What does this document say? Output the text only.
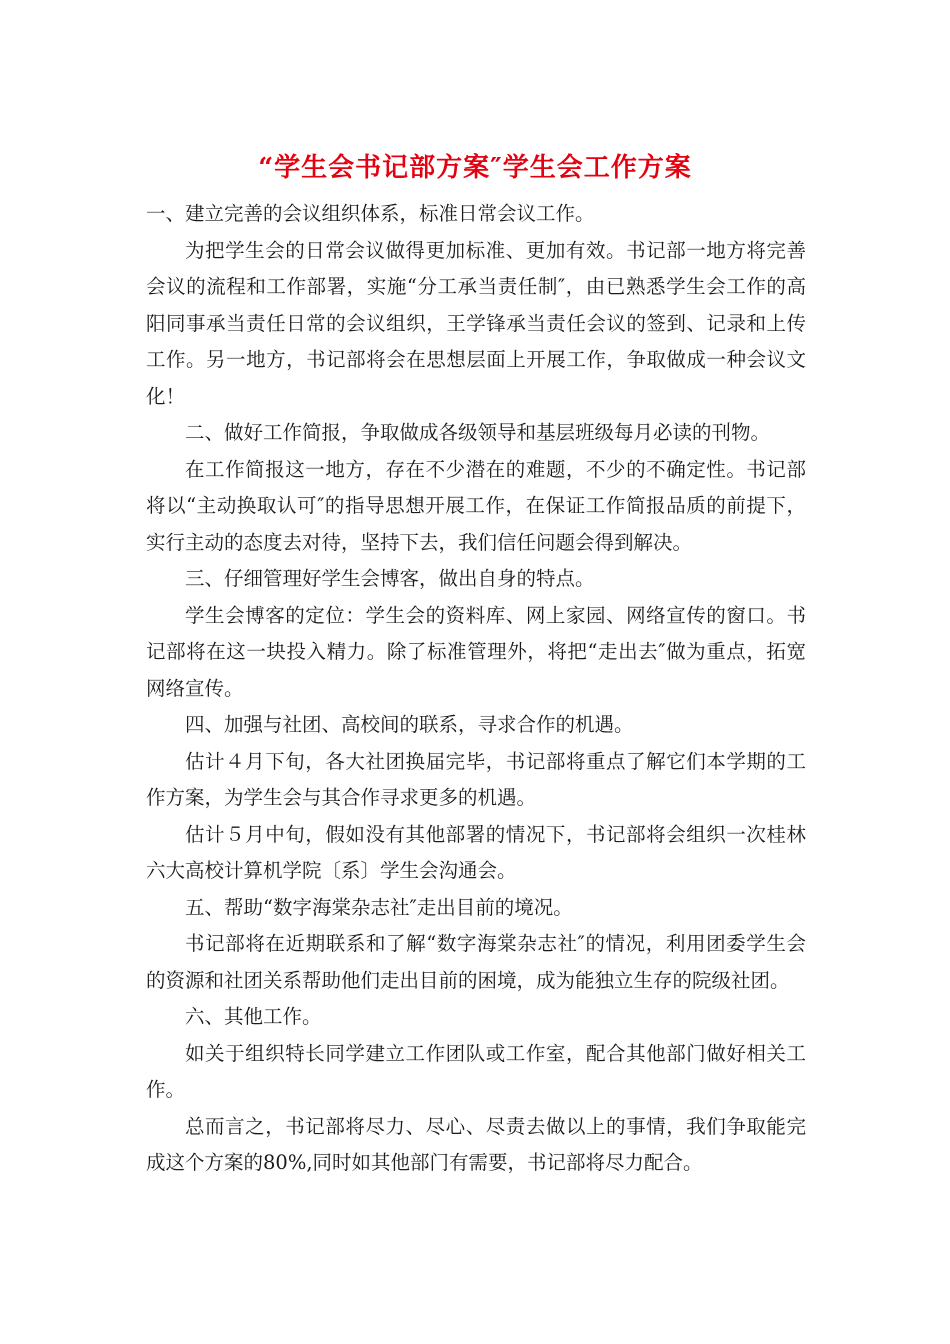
“学生会书记部方案″学生会工作方案

一、建立完善的会议组织体系，标准日常会议工作。

为把学生会的日常会议做得更加标准、更加有效。书记部一地方将完善会议的流程和工作部署，实施“分工承当责任制″，由已熟悉学生会工作的高阳同事承当责任日常的会议组织，王学锋承当责任会议的签到、记录和上传工作。另一地方，书记部将会在思想层面上开展工作，争取做成一种会议文化！

二、做好工作简报，争取做成各级领导和基层班级每月必读的刊物。

在工作简报这一地方，存在不少潜在的难题，不少的不确定性。书记部将以“主动换取认可″的指导思想开展工作，在保证工作简报品质的前提下，实行主动的态度去对待，坚持下去，我们信任问题会得到解决。

三、仔细管理好学生会博客，做出自身的特点。

学生会博客的定位：学生会的资料库、网上家园、网络宣传的窗口。书记部将在这一块投入精力。除了标准管理外，将把“走出去″做为重点，拓宽网络宣传。

四、加强与社团、高校间的联系，寻求合作的机遇。

估计４月下旬，各大社团换届完毕，书记部将重点了解它们本学期的工作方案，为学生会与其合作寻求更多的机遇。

估计５月中旬，假如没有其他部署的情况下，书记部将会组织一次桂林六大高校计算机学院〔系〕学生会沟通会。

五、帮助“数字海棠杂志社″走出目前的境况。

书记部将在近期联系和了解“数字海棠杂志社″的情况，利用团委学生会的资源和社团关系帮助他们走出目前的困境，成为能独立生存的院级社团。

六、其他工作。

如关于组织特长同学建立工作团队或工作室，配合其他部门做好相关工作。

总而言之，书记部将尽力、尽心、尽责去做以上的事情，我们争取能完成这个方案的80%,同时如其他部门有需要，书记部将尽力配合。
